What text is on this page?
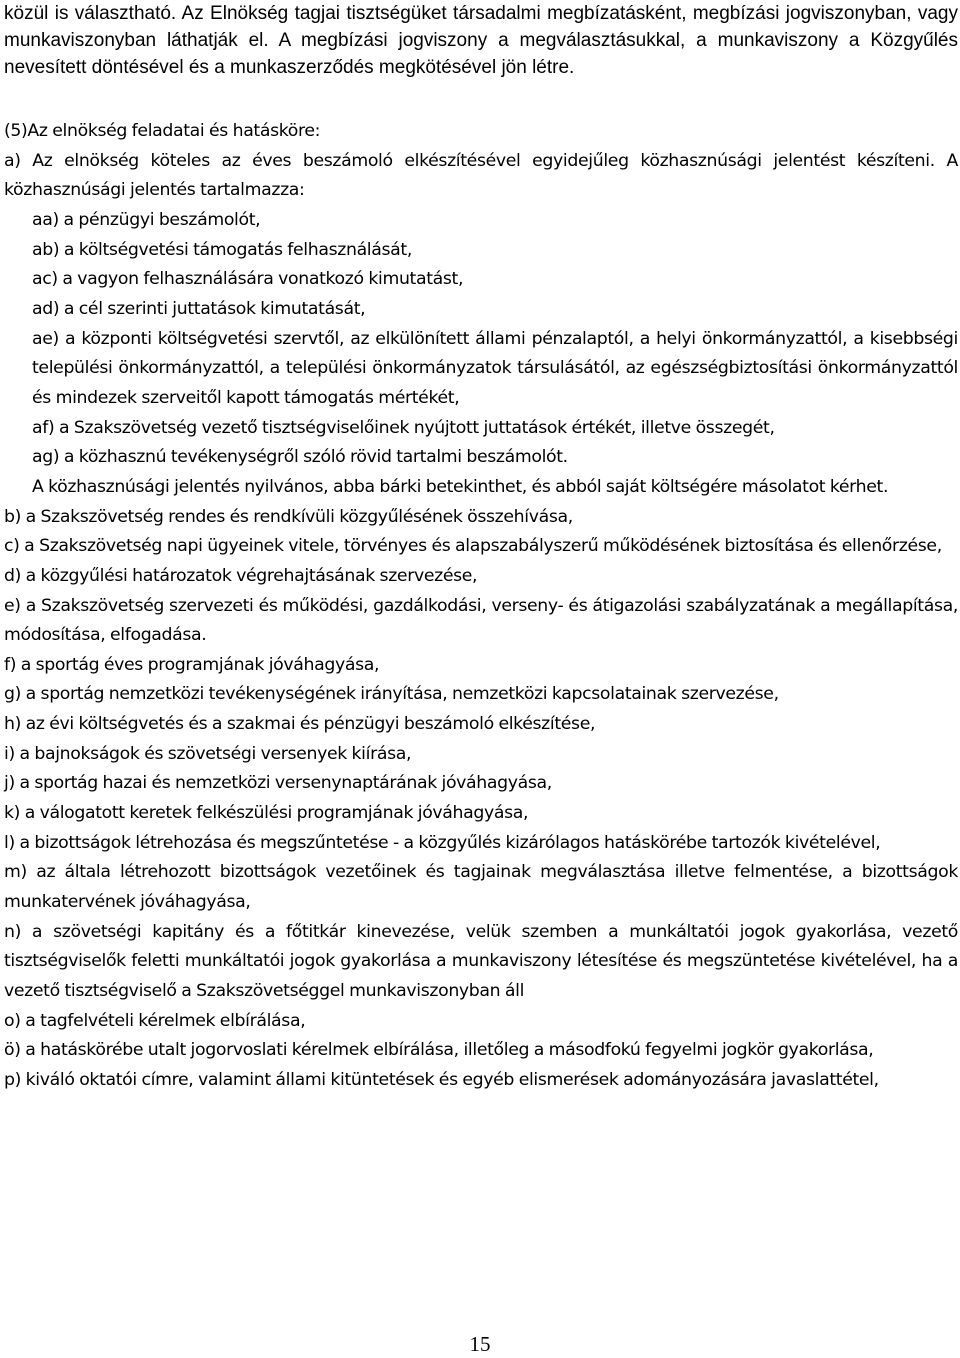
közül is választható. Az Elnökség tagjai tisztségüket társadalmi megbízatásként, megbízási jogviszonyban, vagy munkaviszonyban láthatják el. A megbízási jogviszony a megválasztásukkal, a munkaviszony a Közgyűlés nevesített döntésével és a munkaszerződés megkötésével jön létre.

(5)Az elnökség feladatai és hatásköre:

a) Az elnökség köteles az éves beszámoló elkészítésével egyidejűleg közhasznúsági jelentést készíteni. A közhasznúsági jelentés tartalmazza:

aa) a pénzügyi beszámolót,

ab) a költségvetési támogatás felhasználását,

ac) a vagyon felhasználására vonatkozó kimutatást,

ad) a cél szerinti juttatások kimutatását,

ae) a központi költségvetési szervtől, az elkülönített állami pénzalaptól, a helyi önkormányzattól, a kisebbségi települési önkormányzattól, a települési önkormányzatok társulásától, az egészségbiztosítási önkormányzattól és mindezek szerveitől kapott támogatás mértékét,

af) a Szakszövetség vezető tisztségviselőinek nyújtott juttatások értékét, illetve összegét,

ag) a közhasznú tevékenységről szóló rövid tartalmi beszámolót.

A közhasznúsági jelentés nyilvános, abba bárki betekinthet, és abból saját költségére másolatot kérhet.

b) a Szakszövetség rendes és rendkívüli közgyűlésének összehívása,

c) a Szakszövetség napi ügyeinek vitele, törvényes és alapszabályszerű működésének biztosítása és ellenőrzése,

d) a közgyűlési határozatok végrehajtásának szervezése,

e) a Szakszövetség szervezeti és működési, gazdálkodási, verseny- és átigazolási szabályzatának a megállapítása, módosítása, elfogadása.

f) a sportág éves programjának jóváhagyása,

g) a sportág nemzetközi tevékenységének irányítása, nemzetközi kapcsolatainak szervezése,

h) az évi költségvetés és a szakmai és pénzügyi beszámoló elkészítése,

i) a bajnokságok és szövetségi versenyek kiírása,

j) a sportág hazai és nemzetközi versenynaptárának jóváhagyása,

k) a válogatott keretek felkészülési programjának jóváhagyása,

l) a bizottságok létrehozása és megszűntetése - a közgyűlés kizárólagos hatáskörébe tartozók kivételével,

m) az általa létrehozott bizottságok vezetőinek és tagjainak megválasztása illetve felmentése, a bizottságok munkatervének jóváhagyása,

n) a szövetségi kapitány és a főtitkár kinevezése, velük szemben a munkáltatói jogok gyakorlása, vezető tisztségviselők feletti munkáltatói jogok gyakorlása a munkaviszony létesítése és megszüntetése kivételével, ha a vezető tisztségviselő a Szakszövetséggel munkaviszonyban áll

o) a tagfelvételi kérelmek elbírálása,

ö) a hatáskörébe utalt jogorvoslati kérelmek elbírálása, illetőleg a másodfokú fegyelmi jogkör gyakorlása,

p) kiváló oktatói címre, valamint állami kitüntetések és egyéb elismerések adományozására javaslattétel,

15
